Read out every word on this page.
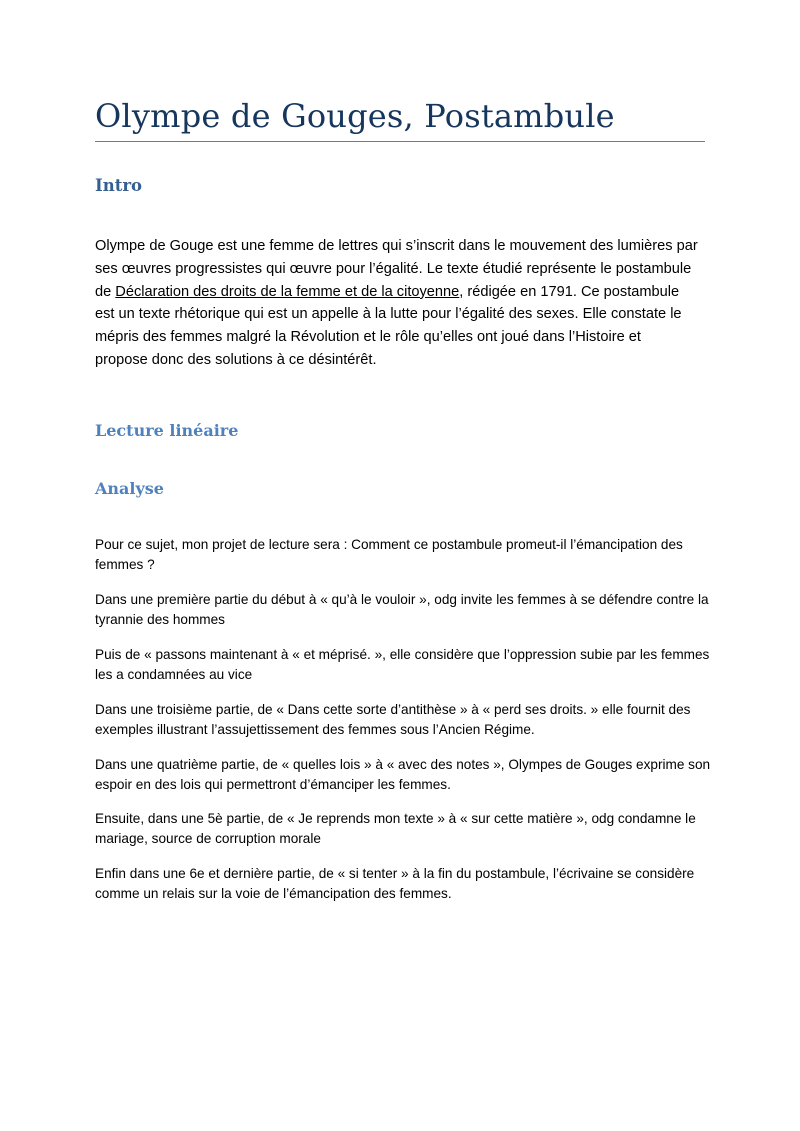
Olympe de Gouges, Postambule
Intro
Olympe de Gouge est une femme de lettres qui s’inscrit dans le mouvement des lumières par
ses œuvres progressistes qui œuvre pour l’égalité. Le texte étudié représente le postambule
de Déclaration des droits de la femme et de la citoyenne, rédigée en 1791. Ce postambule
est un texte rhétorique qui est un appelle à la lutte pour l’égalité des sexes. Elle constate le
mépris des femmes malgré la Révolution et le rôle qu’elles ont joué dans l’Histoire et
propose donc des solutions à ce désintérêt.
Lecture linéaire
Analyse
Pour ce sujet, mon projet de lecture sera : Comment ce postambule promeut-il l’émancipation des
femmes ?
Dans une première partie du début à « qu’à le vouloir », odg invite les femmes à se défendre contre la
tyrannie des hommes
Puis de « passons maintenant à « et méprisé. », elle considère que l’oppression subie par les femmes
les a condamnées au vice
Dans une troisième partie, de « Dans cette sorte d’antithèse » à « perd ses droits. » elle fournit des
exemples illustrant l’assujettissement des femmes sous l’Ancien Régime.
Dans une quatrième partie, de « quelles lois » à « avec des notes », Olympes de Gouges exprime son
espoir en des lois qui permettront d’émanciper les femmes.
Ensuite, dans une 5è partie, de « Je reprends mon texte » à « sur cette matière », odg condamne le
mariage, source de corruption morale
Enfin dans une 6e et dernière partie, de « si tenter » à la fin du postambule, l’écrivaine se considère
comme un relais sur la voie de l’émancipation des femmes.
